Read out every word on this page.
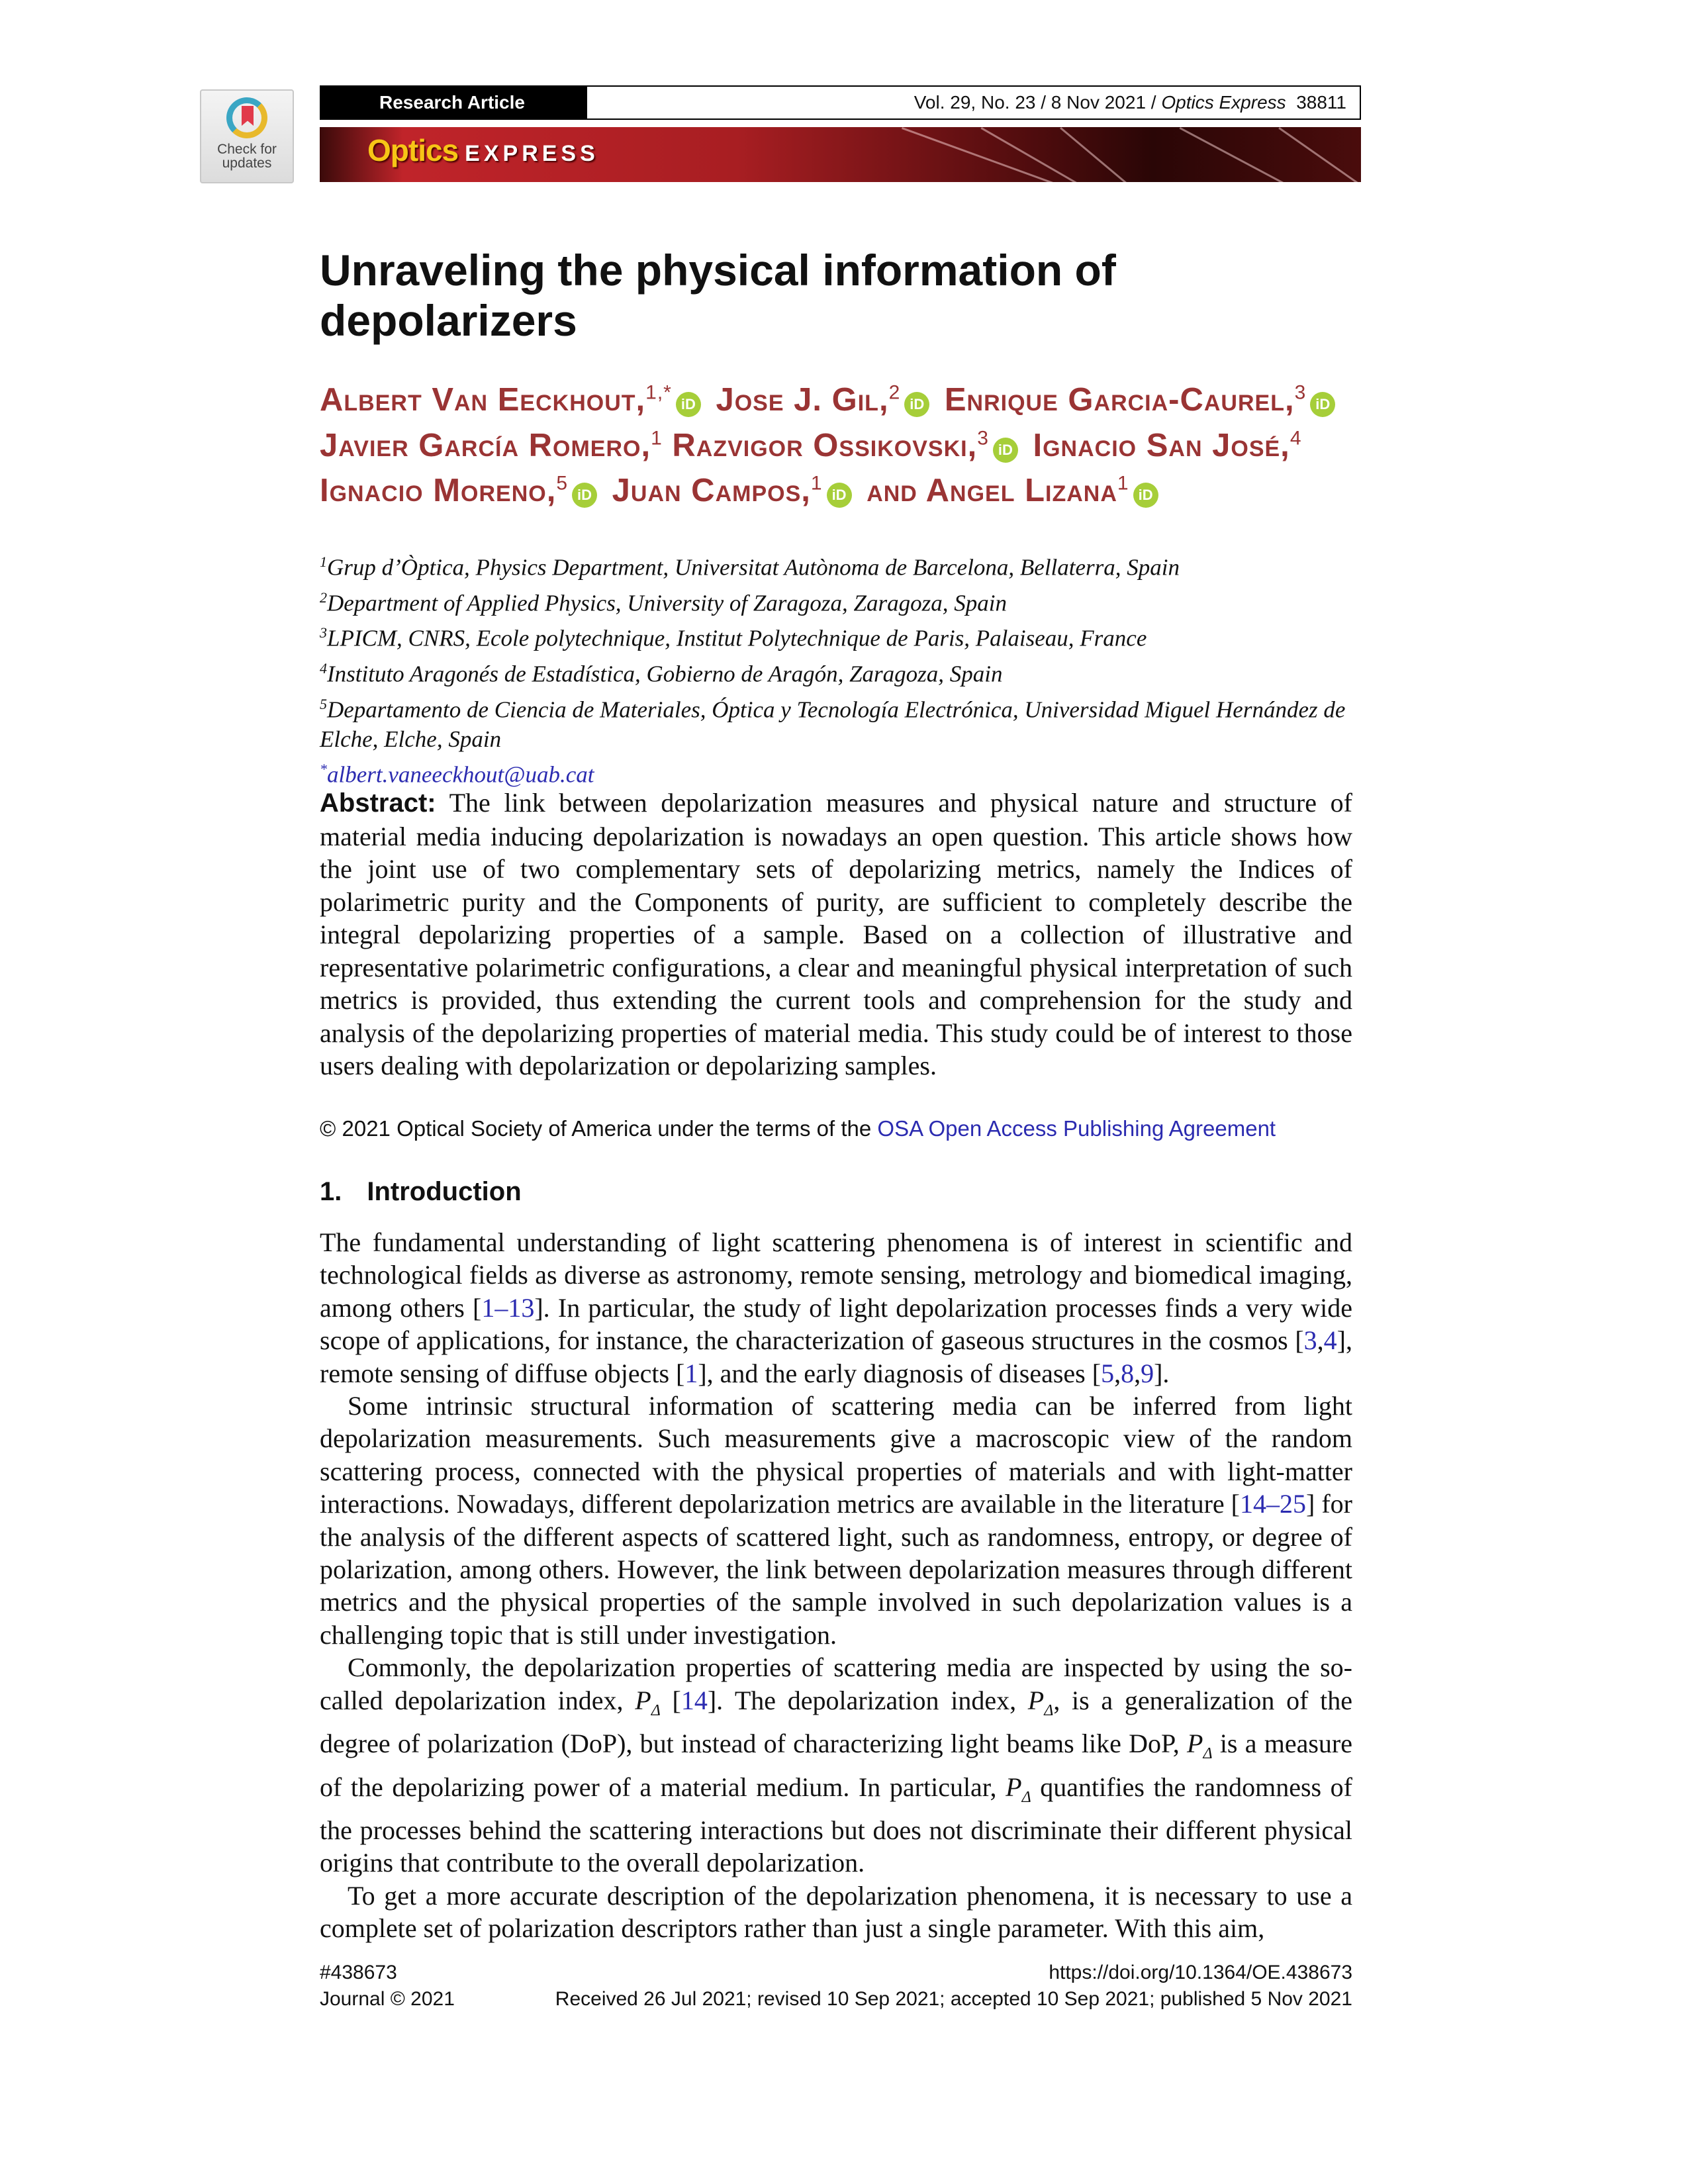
Check for
updates
Research Article	Vol. 29, No. 23 / 8 Nov 2021 / Optics Express 38811
Optics EXPRESS
Unraveling the physical information of depolarizers
Albert Van Eeckhout,$^{1,*}$iD Jose J. Gil,$^2$iD Enrique Garcia-Caurel,$^3$iD Javier García Romero,$^1$ Razvigor Ossikovski,$^3$iD Ignacio San José,$^4$ Ignacio Moreno,$^5$iD Juan Campos,$^1$iD and Angel Lizana$^1$iD
$^1$Grup d’Òptica, Physics Department, Universitat Autònoma de Barcelona, Bellaterra, Spain
$^2$Department of Applied Physics, University of Zaragoza, Zaragoza, Spain
$^3$LPICM, CNRS, Ecole polytechnique, Institut Polytechnique de Paris, Palaiseau, France
$^4$Instituto Aragonés de Estadística, Gobierno de Aragón, Zaragoza, Spain
$^5$Departamento de Ciencia de Materiales, Óptica y Tecnología Electrónica, Universidad Miguel Hernández de Elche, Elche, Spain
*albert.vaneeckhout@uab.cat
Abstract: The link between depolarization measures and physical nature and structure of material media inducing depolarization is nowadays an open question. This article shows how the joint use of two complementary sets of depolarizing metrics, namely the Indices of polarimetric purity and the Components of purity, are sufficient to completely describe the integral depolarizing properties of a sample. Based on a collection of illustrative and representative polarimetric configurations, a clear and meaningful physical interpretation of such metrics is provided, thus extending the current tools and comprehension for the study and analysis of the depolarizing properties of material media. This study could be of interest to those users dealing with depolarization or depolarizing samples.
© 2021 Optical Society of America under the terms of the OSA Open Access Publishing Agreement
1. Introduction

The fundamental understanding of light scattering phenomena is of interest in scientific and technological fields as diverse as astronomy, remote sensing, metrology and biomedical imaging, among others [1–13]. In particular, the study of light depolarization processes finds a very wide scope of applications, for instance, the characterization of gaseous structures in the cosmos [3,4], remote sensing of diffuse objects [1], and the early diagnosis of diseases [5,8,9].

Some intrinsic structural information of scattering media can be inferred from light depolarization measurements. Such measurements give a macroscopic view of the random scattering process, connected with the physical properties of materials and with light-matter interactions. Nowadays, different depolarization metrics are available in the literature [14–25] for the analysis of the different aspects of scattered light, such as randomness, entropy, or degree of polarization, among others. However, the link between depolarization measures through different metrics and the physical properties of the sample involved in such depolarization values is a challenging topic that is still under investigation.

Commonly, the depolarization properties of scattering media are inspected by using the so-called depolarization index, $P_\Delta$ [14]. The depolarization index, $P_\Delta$, is a generalization of the degree of polarization (DoP), but instead of characterizing light beams like DoP, $P_\Delta$ is a measure of the depolarizing power of a material medium. In particular, $P_\Delta$ quantifies the randomness of the processes behind the scattering interactions but does not discriminate their different physical origins that contribute to the overall depolarization.

To get a more accurate description of the depolarization phenomena, it is necessary to use a complete set of polarization descriptors rather than just a single parameter. With this aim,

#438673
Journal © 2021
https://doi.org/10.1364/OE.438673
Received 26 Jul 2021; revised 10 Sep 2021; accepted 10 Sep 2021; published 5 Nov 2021
